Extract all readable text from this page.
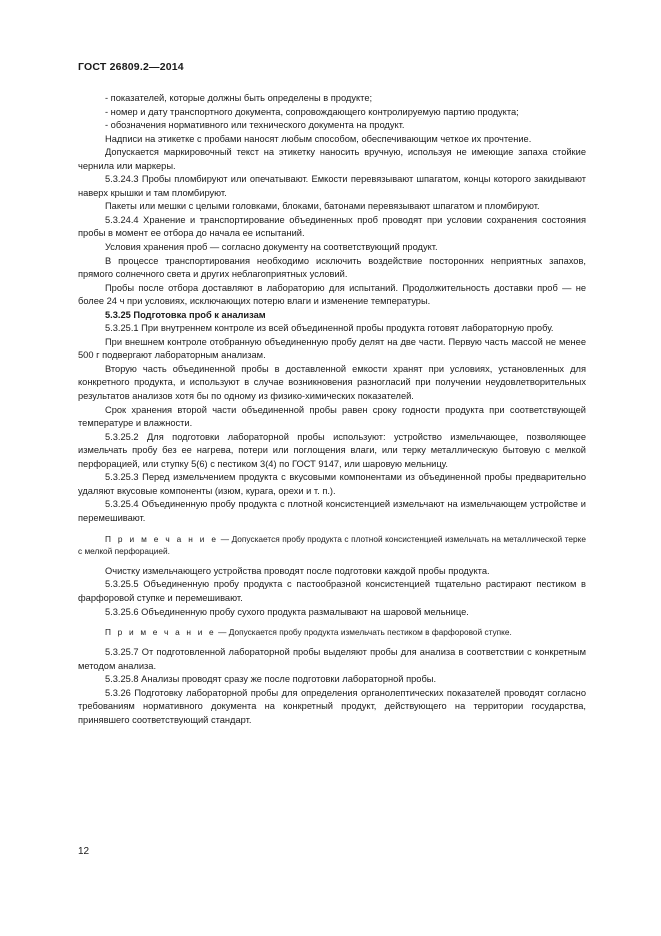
ГОСТ 26809.2—2014

- показателей, которые должны быть определены в продукте;

- номер и дату транспортного документа, сопровождающего контролируемую партию продукта;

- обозначения нормативного или технического документа на продукт.

Надписи на этикетке с пробами наносят любым способом, обеспечивающим четкое их прочтение.

Допускается маркировочный текст на этикетку наносить вручную, используя не имеющие запаха стойкие чернила или маркеры.

5.3.24.3 Пробы пломбируют или опечатывают. Емкости перевязывают шпагатом, концы которого закидывают наверх крышки и там пломбируют.

Пакеты или мешки с целыми головками, блоками, батонами перевязывают шпагатом и пломбируют.

5.3.24.4 Хранение и транспортирование объединенных проб проводят при условии сохранения состояния пробы в момент ее отбора до начала ее испытаний.

Условия хранения проб — согласно документу на соответствующий продукт.

В процессе транспортирования необходимо исключить воздействие посторонних неприятных запахов, прямого солнечного света и других неблагоприятных условий.

Пробы после отбора доставляют в лабораторию для испытаний. Продолжительность доставки проб — не более 24 ч при условиях, исключающих потерю влаги и изменение температуры.

5.3.25 Подготовка проб к анализам

5.3.25.1 При внутреннем контроле из всей объединенной пробы продукта готовят лабораторную пробу.

При внешнем контроле отобранную объединенную пробу делят на две части. Первую часть массой не менее 500 г подвергают лабораторным анализам.

Вторую часть объединенной пробы в доставленной емкости хранят при условиях, установленных для конкретного продукта, и используют в случае возникновения разногласий при получении неудовлетворительных результатов анализов хотя бы по одному из физико-химических показателей.

Срок хранения второй части объединенной пробы равен сроку годности продукта при соответствующей температуре и влажности.

5.3.25.2 Для подготовки лабораторной пробы используют: устройство измельчающее, позволяющее измельчать пробу без ее нагрева, потери или поглощения влаги, или терку металлическую бытовую с мелкой перфорацией, или ступку 5(6) с пестиком 3(4) по ГОСТ 9147, или шаровую мельницу.

5.3.25.3 Перед измельчением продукта с вкусовыми компонентами из объединенной пробы предварительно удаляют вкусовые компоненты (изюм, курага, орехи и т. п.).

5.3.25.4 Объединенную пробу продукта с плотной консистенцией измельчают на измельчающем устройстве и перемешивают.

П р и м е ч а н и е — Допускается пробу продукта с плотной консистенцией измельчать на металлической терке с мелкой перфорацией.

Очистку измельчающего устройства проводят после подготовки каждой пробы продукта.

5.3.25.5 Объединенную пробу продукта с пастообразной консистенцией тщательно растирают пестиком в фарфоровой ступке и перемешивают.

5.3.25.6 Объединенную пробу сухого продукта размалывают на шаровой мельнице.

П р и м е ч а н и е — Допускается пробу продукта измельчать пестиком в фарфоровой ступке.

5.3.25.7 От подготовленной лабораторной пробы выделяют пробы для анализа в соответствии с конкретным методом анализа.

5.3.25.8 Анализы проводят сразу же после подготовки лабораторной пробы.

5.3.26 Подготовку лабораторной пробы для определения органолептических показателей проводят согласно требованиям нормативного документа на конкретный продукт, действующего на территории государства, принявшего соответствующий стандарт.

12
